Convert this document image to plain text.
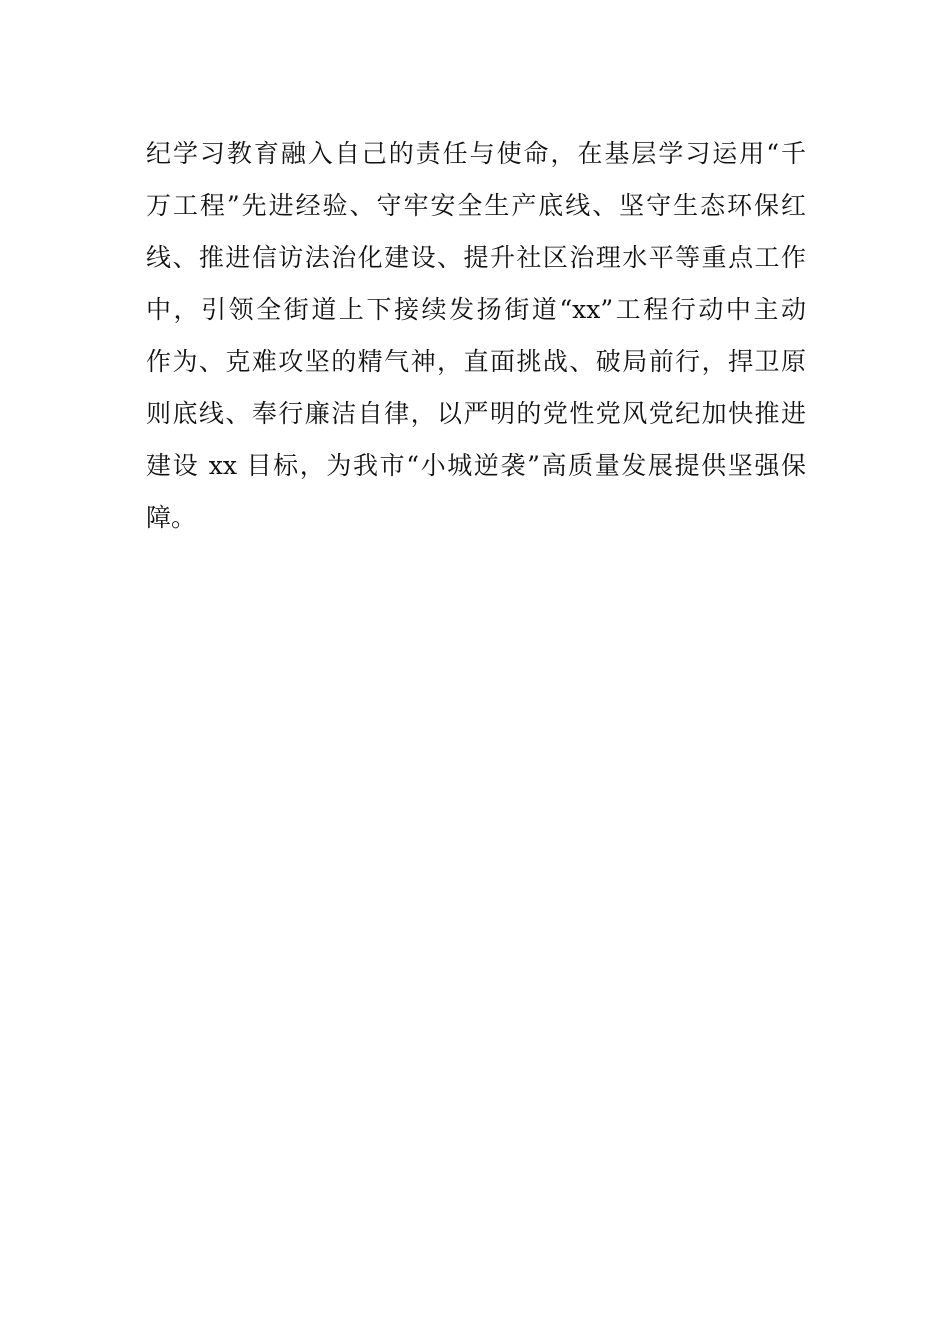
纪学习教育融入自己的责任与使命，在基层学习运用“千
万工程”先进经验、守牢安全生产底线、坚守生态环保红
线、推进信访法治化建设、提升社区治理水平等重点工作
中，引领全街道上下接续发扬街道“xx”工程行动中主动
作为、克难攻坚的精气神，直面挑战、破局前行，捍卫原
则底线、奉行廉洁自律，以严明的党性党风党纪加快推进
建设 xx 目标，为我市“小城逆袭”高质量发展提供坚强保
障。
